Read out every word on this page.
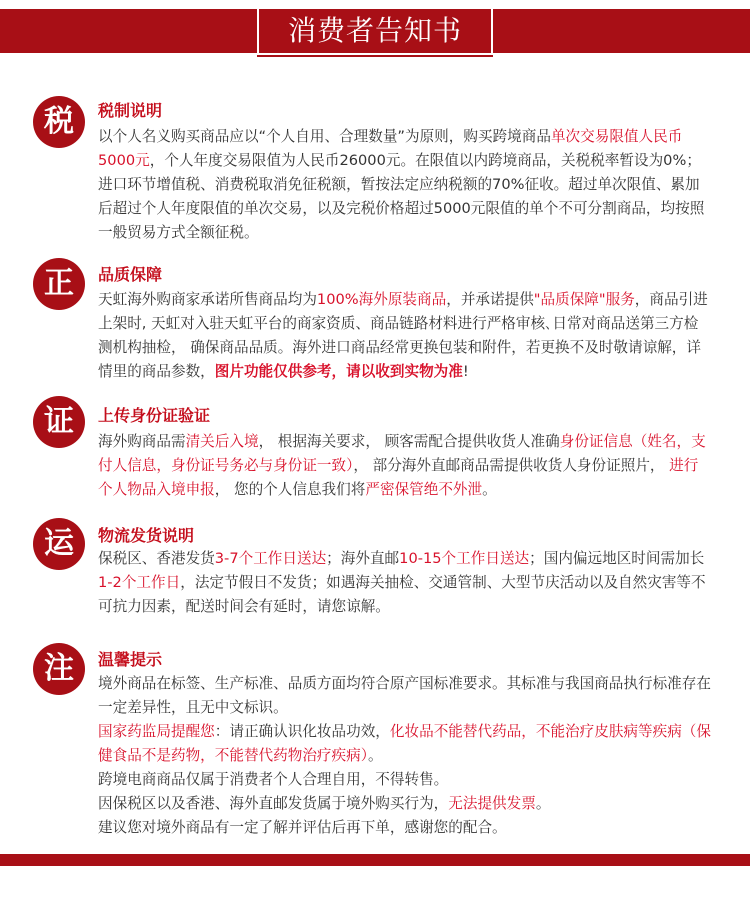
消费者告知书
税	税制说明
以个人名义购买商品应以“个人自用、合理数量”为原则，购买跨境商品单次交易限值人民币5000元，个人年度交易限值为人民币26000元。在限值以内跨境商品，关税税率暂设为0%；进口环节增值税、消费税取消免征税额，暂按法定应纳税额的70%征收。超过单次限值、累加后超过个人年度限值的单次交易，以及完税价格超过5000元限值的单个不可分割商品，均按照一般贸易方式全额征税。
正	品质保障
天虹海外购商家承诺所售商品均为100%海外原装商品，并承诺提供"品质保障"服务，商品引进上架时, 天虹对入驻天虹平台的商家资质、商品链路材料进行严格审核､日常对商品送第三方检测机构抽检， 确保商品品质。海外进口商品经常更换包装和附件，若更换不及时敬请谅解，详情里的商品参数，图片功能仅供参考，请以收到实物为准!
证	上传身份证验证
海外购商品需清关后入境， 根据海关要求， 顾客需配合提供收货人准确身份证信息（姓名，支付人信息，身份证号务必与身份证一致）， 部分海外直邮商品需提供收货人身份证照片， 进行个人物品入境申报， 您的个人信息我们将严密保管绝不外泄。
运	物流发货说明
保税区、香港发货3-7个工作日送达；海外直邮10-15个工作日送达；国内偏远地区时间需加长1-2个工作日，法定节假日不发货；如遇海关抽检、交通管制、大型节庆活动以及自然灾害等不可抗力因素，配送时间会有延时，请您谅解。
注	温馨提示
境外商品在标签、生产标准、品质方面均符合原产国标准要求。其标准与我国商品执行标准存在一定差异性，且无中文标识。
国家药监局提醒您：请正确认识化妆品功效，化妆品不能替代药品，不能治疗皮肤病等疾病（保健食品不是药物，不能替代药物治疗疾病）。
跨境电商商品仅属于消费者个人合理自用，不得转售。
因保税区以及香港、海外直邮发货属于境外购买行为，无法提供发票。
建议您对境外商品有一定了解并评估后再下单，感谢您的配合。
